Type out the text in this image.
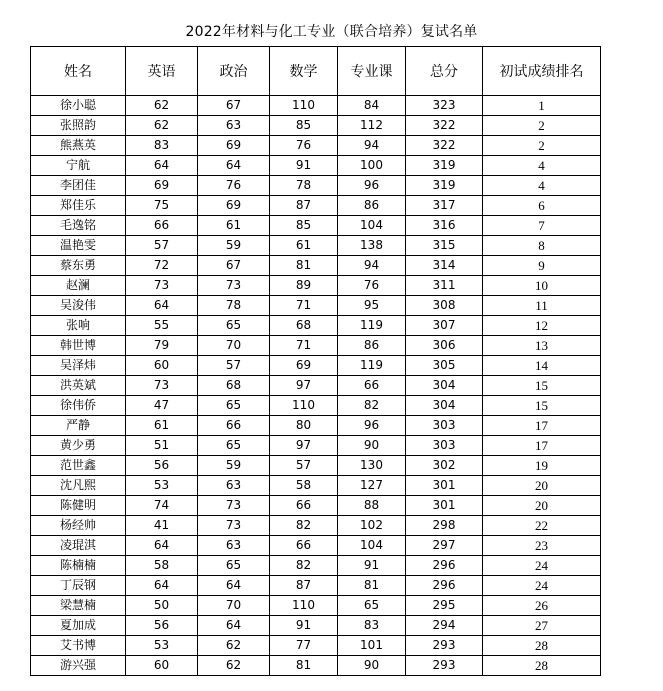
2022年材料与化工专业（联合培养）复试名单
姓名	英语	政治	数学	专业课	总分	初试成绩排名
徐小聪	62	67	110	84	323	1
张照韵	62	63	85	112	322	2
熊燕英	83	69	76	94	322	2
宁航	64	64	91	100	319	4
李团佳	69	76	78	96	319	4
郑佳乐	75	69	87	86	317	6
毛逸铭	66	61	85	104	316	7
温艳雯	57	59	61	138	315	8
蔡东勇	72	67	81	94	314	9
赵澜	73	73	89	76	311	10
吴浚伟	64	78	71	95	308	11
张响	55	65	68	119	307	12
韩世博	79	70	71	86	306	13
吴泽炜	60	57	69	119	305	14
洪英斌	73	68	97	66	304	15
徐伟侨	47	65	110	82	304	15
严静	61	66	80	96	303	17
黄少勇	51	65	97	90	303	17
范世鑫	56	59	57	130	302	19
沈凡熙	53	63	58	127	301	20
陈健明	74	73	66	88	301	20
杨经帅	41	73	82	102	298	22
凌琨淇	64	63	66	104	297	23
陈楠楠	58	65	82	91	296	24
丁辰钢	64	64	87	81	296	24
梁慧楠	50	70	110	65	295	26
夏加成	56	64	91	83	294	27
艾书博	53	62	77	101	293	28
游兴强	60	62	81	90	293	28
